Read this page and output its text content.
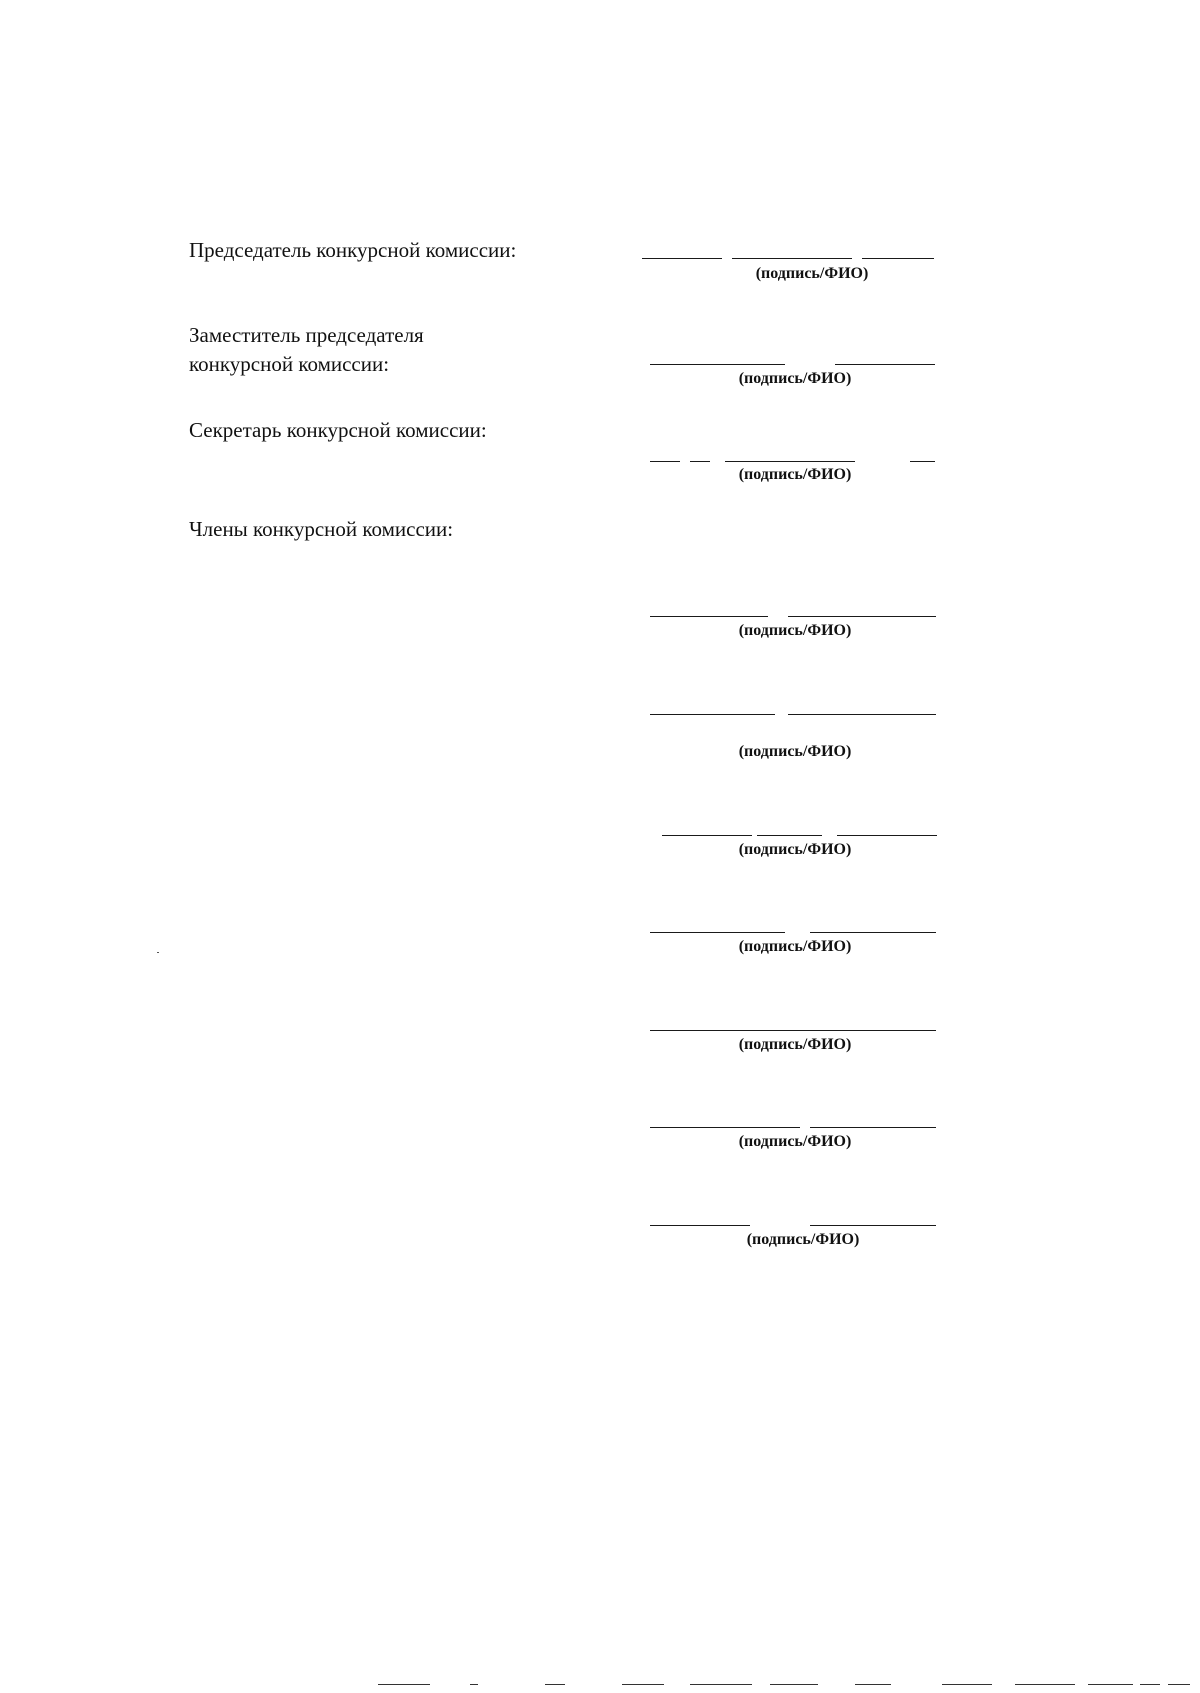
Председатель конкурсной комиссии:
(подпись/ФИО)
Заместитель председателя
конкурсной комиссии:
(подпись/ФИО)
Секретарь конкурсной комиссии:
(подпись/ФИО)
Члены конкурсной комиссии:
(подпись/ФИО)
(подпись/ФИО)
(подпись/ФИО)
(подпись/ФИО)
(подпись/ФИО)
(подпись/ФИО)
(подпись/ФИО)
